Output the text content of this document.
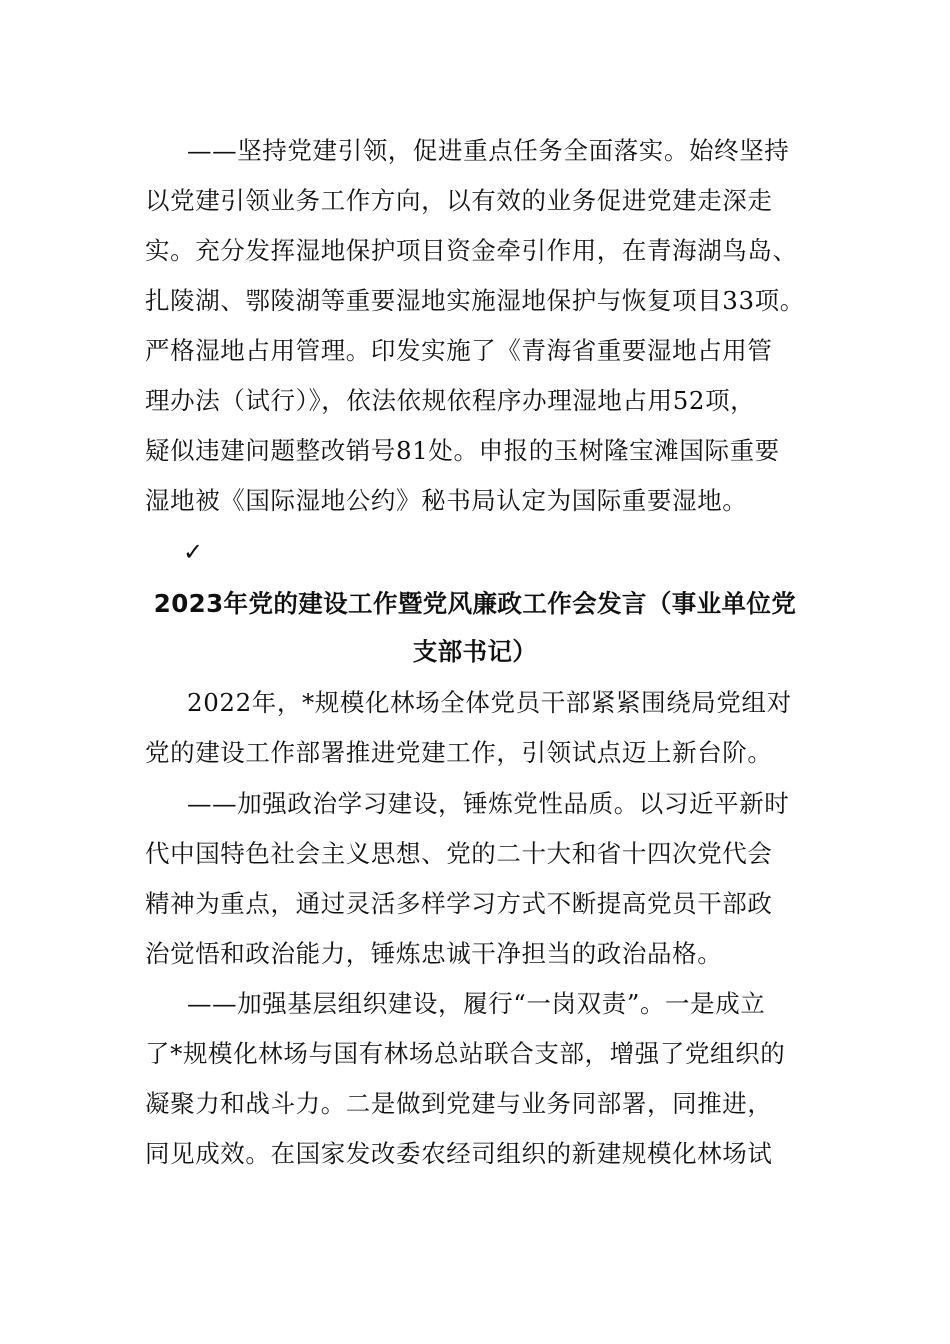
——坚持党建引领，促进重点任务全面落实。始终坚持
以党建引领业务工作方向，以有效的业务促进党建走深走
实。充分发挥湿地保护项目资金牵引作用，在青海湖鸟岛、
扎陵湖、鄂陵湖等重要湿地实施湿地保护与恢复项目33项。
严格湿地占用管理。印发实施了《青海省重要湿地占用管
理办法（试行）》，依法依规依程序办理湿地占用52项，
疑似违建问题整改销号81处。申报的玉树隆宝滩国际重要
湿地被《国际湿地公约》秘书局认定为国际重要湿地。
✓
2023年党的建设工作暨党风廉政工作会发言（事业单位党
支部书记）
2022年，*规模化林场全体党员干部紧紧围绕局党组对
党的建设工作部署推进党建工作，引领试点迈上新台阶。
——加强政治学习建设，锤炼党性品质。以习近平新时
代中国特色社会主义思想、党的二十大和省十四次党代会
精神为重点，通过灵活多样学习方式不断提高党员干部政
治觉悟和政治能力，锤炼忠诚干净担当的政治品格。
——加强基层组织建设，履行“一岗双责”。一是成立
了*规模化林场与国有林场总站联合支部，增强了党组织的
凝聚力和战斗力。二是做到党建与业务同部署，同推进，
同见成效。在国家发改委农经司组织的新建规模化林场试
